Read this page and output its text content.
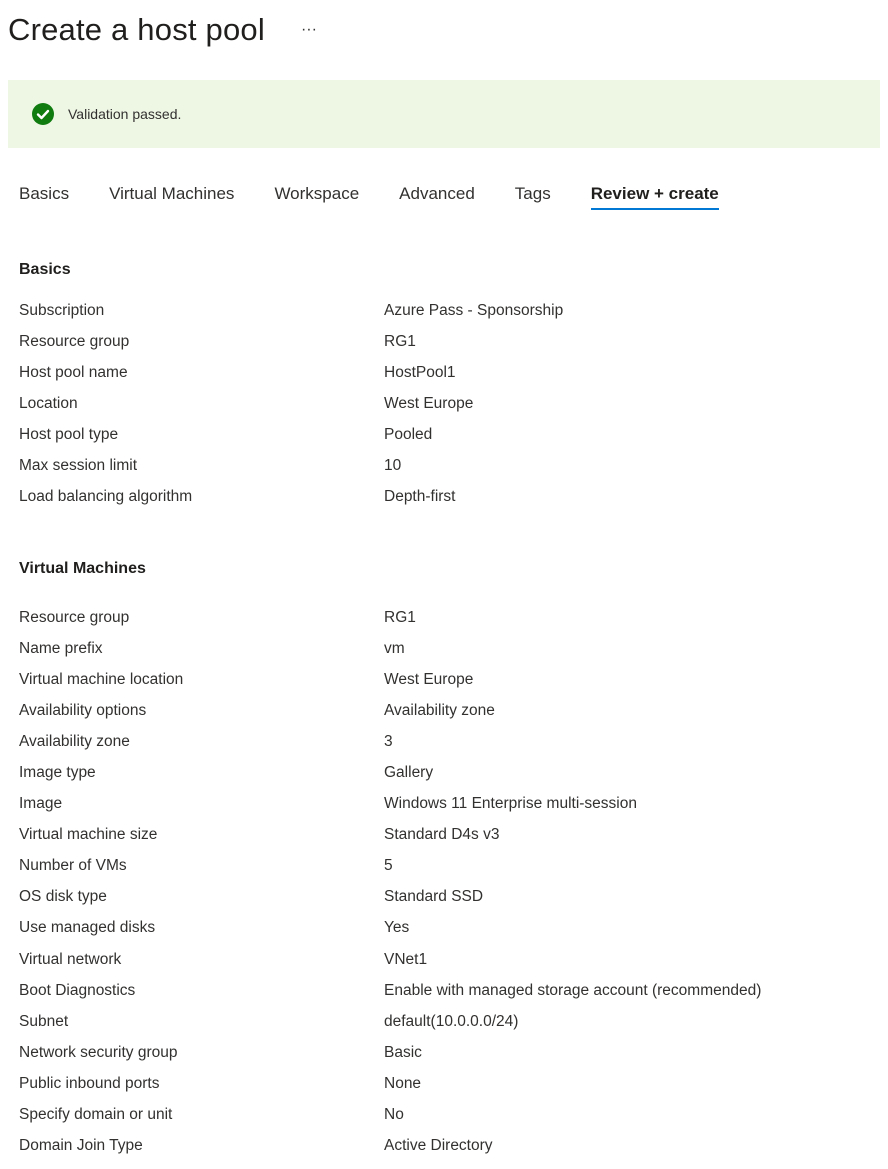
Create a host pool ···
Validation passed.
Basics Virtual Machines Workspace Advanced Tags Review + create
Basics
Subscription	Azure Pass - Sponsorship
Resource group	RG1
Host pool name	HostPool1
Location	West Europe
Host pool type	Pooled
Max session limit	10
Load balancing algorithm	Depth-first
Virtual Machines
Resource group	RG1
Name prefix	vm
Virtual machine location	West Europe
Availability options	Availability zone
Availability zone	3
Image type	Gallery
Image	Windows 11 Enterprise multi-session
Virtual machine size	Standard D4s v3
Number of VMs	5
OS disk type	Standard SSD
Use managed disks	Yes
Virtual network	VNet1
Boot Diagnostics	Enable with managed storage account (recommended)
Subnet	default(10.0.0.0/24)
Network security group	Basic
Public inbound ports	None
Specify domain or unit	No
Domain Join Type	Active Directory
